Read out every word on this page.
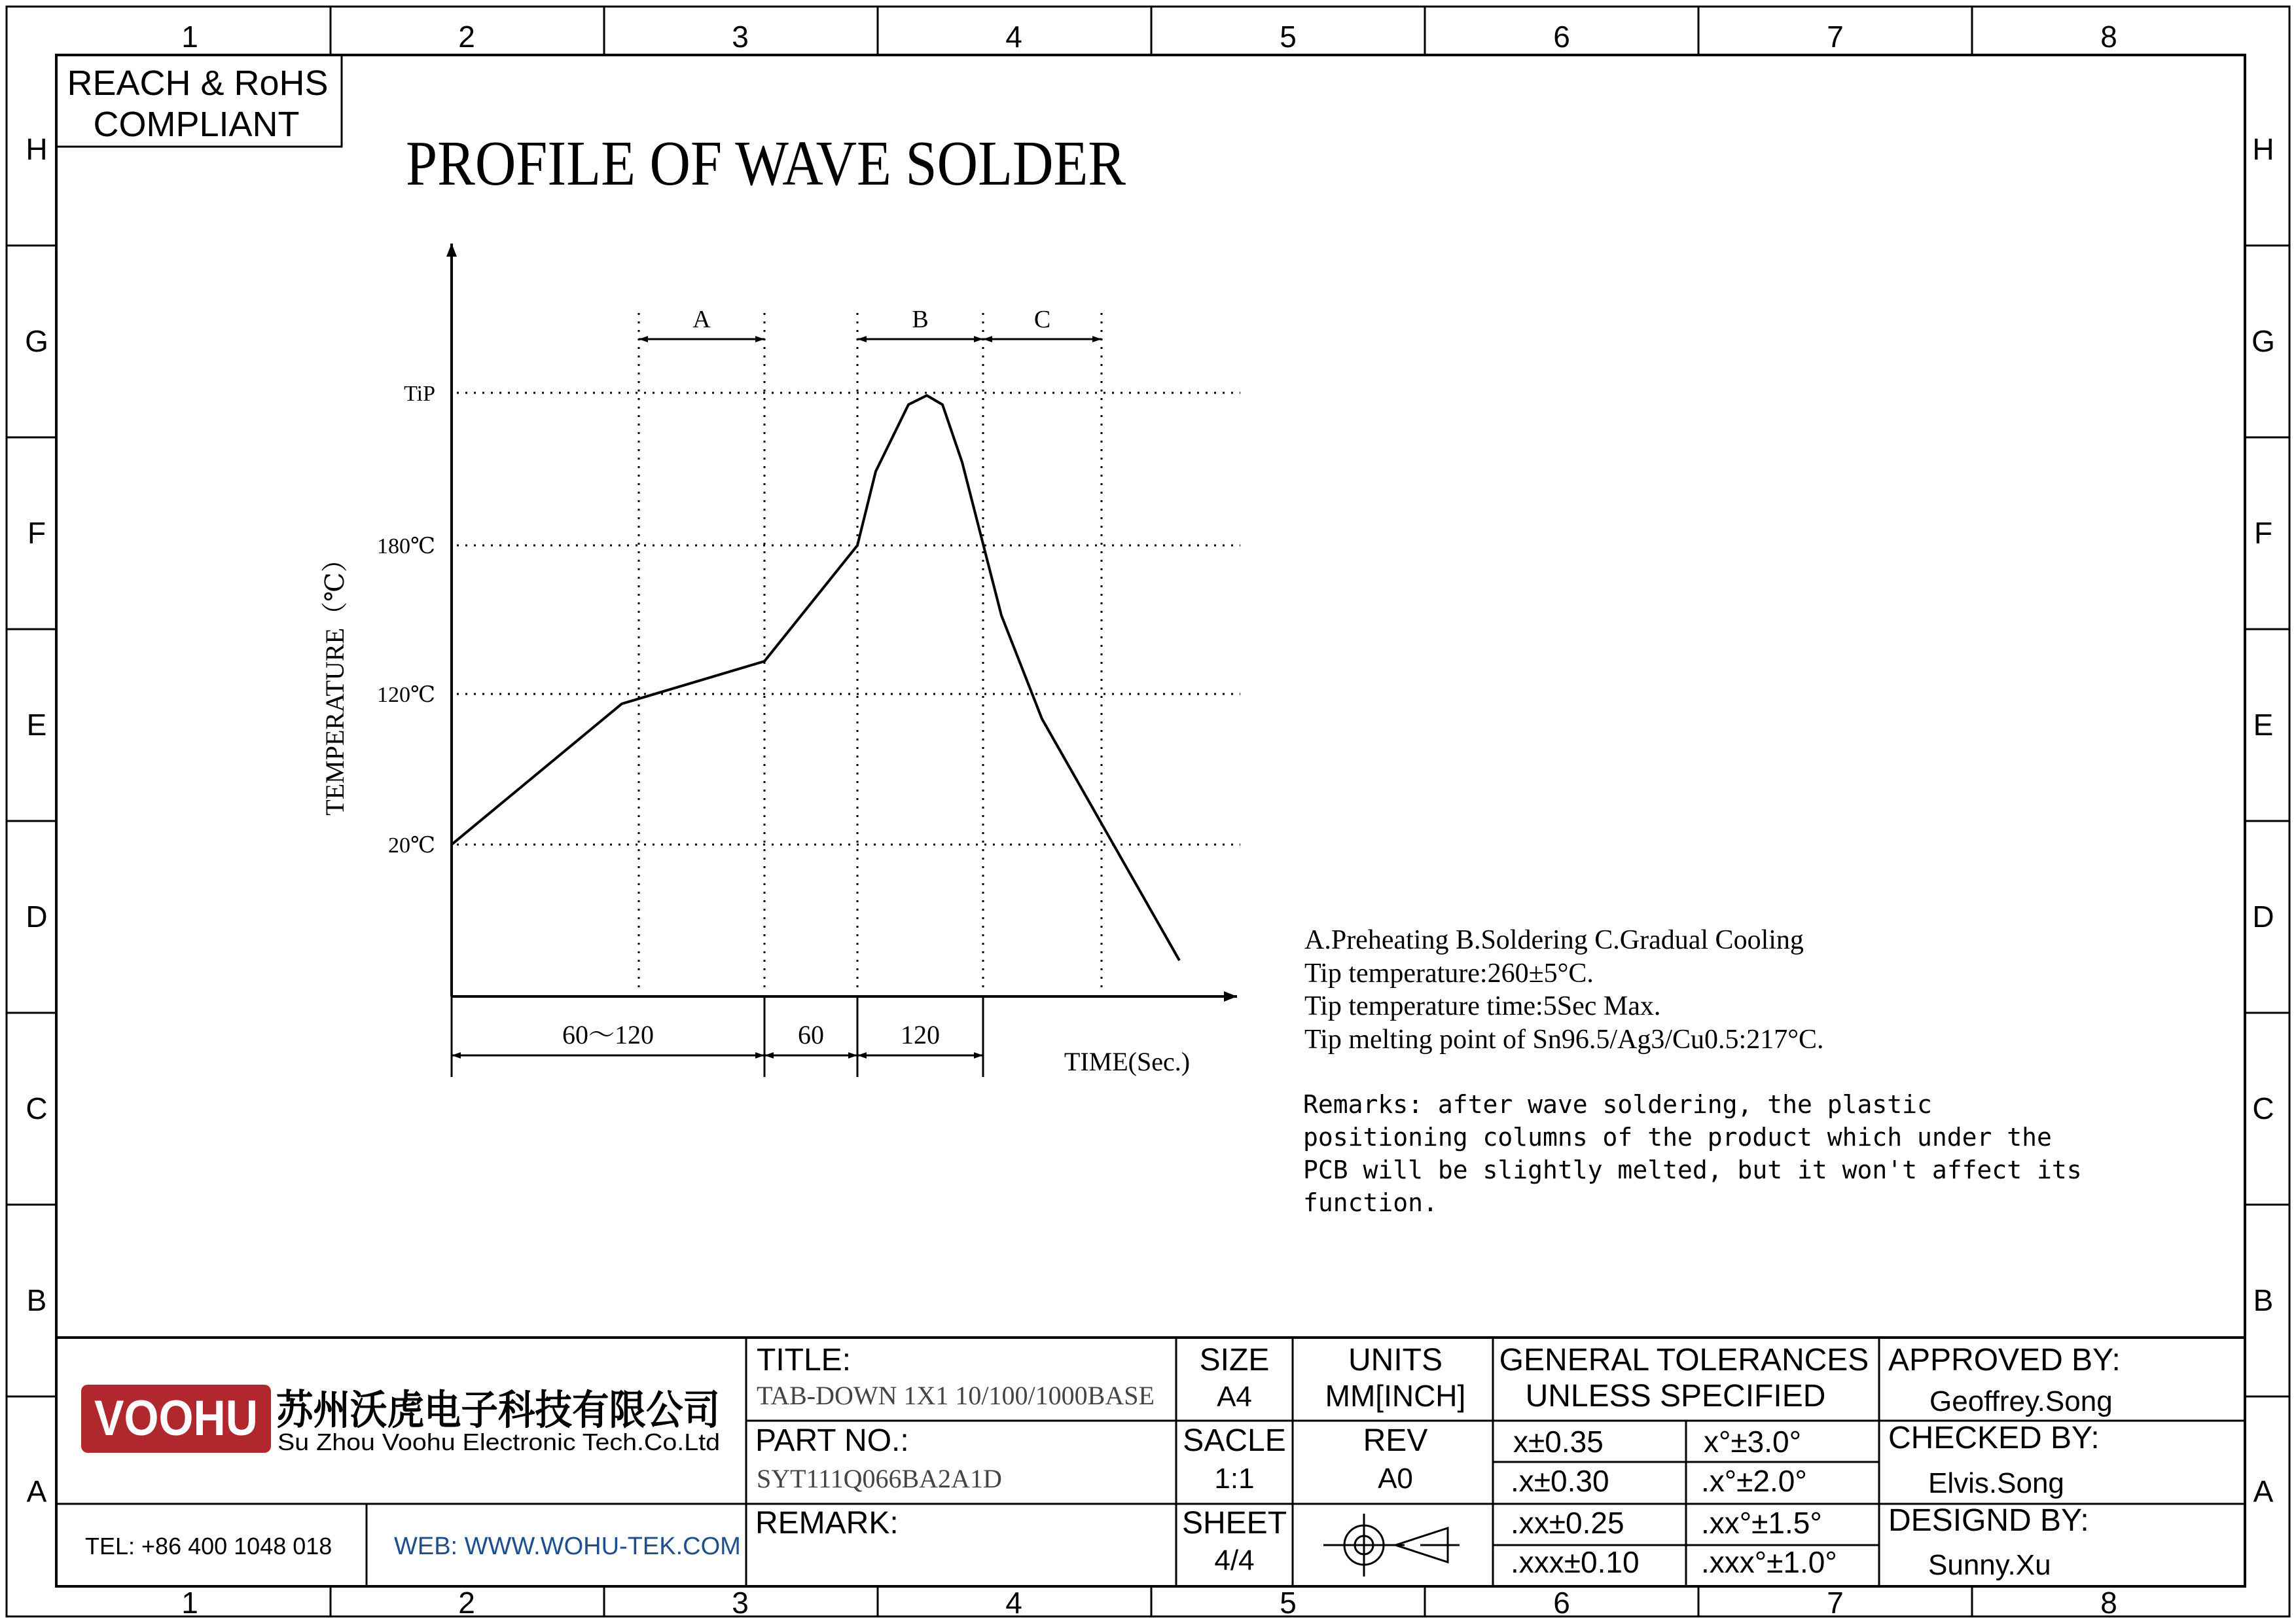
1
1
2
2
3
3
4
4
5
5
6
6
7
7
8
8
H	H
G	G
F	F
E	E
D	D
C	C
B	B
A	A
REACH & RoHS
COMPLIANT
PROFILE OF WAVE SOLDER
TiP
180℃
120℃
20℃
TEMPERATURE（℃）
TIME(Sec.)
A	B	C
60～120	60	120
A.Preheating B.Soldering C.Gradual Cooling
Tip temperature:260±5°C.
Tip temperature time:5Sec Max.
Tip melting point of Sn96.5/Ag3/Cu0.5:217°C.
Remarks: after wave soldering, the plastic
positioning columns of the product which under the
PCB will be slightly melted, but it won't affect its
function.
VOOHU 苏州沃虎电子科技有限公司
Su Zhou Voohu Electronic Tech.Co.Ltd
TEL: +86 400 1048 018 WEB: WWW.WOHU-TEK.COM
TITLE:
TAB-DOWN 1X1 10/100/1000BASE
PART NO.:
SYT111Q066BA2A1D
REMARK:
SIZE
A4
SACLE
1:1
SHEET
4/4
UNITS
MM[INCH]
REV
A0
GENERAL TOLERANCES
UNLESS SPECIFIED
x±0.35	x°±3.0°
.x±0.30	.x°±2.0°
.xx±0.25	.xx°±1.5°
.xxx±0.10 .xxx°±1.0°
APPROVED BY:
Geoffrey.Song
CHECKED BY:
Elvis.Song
DESIGND BY:
Sunny.Xu
